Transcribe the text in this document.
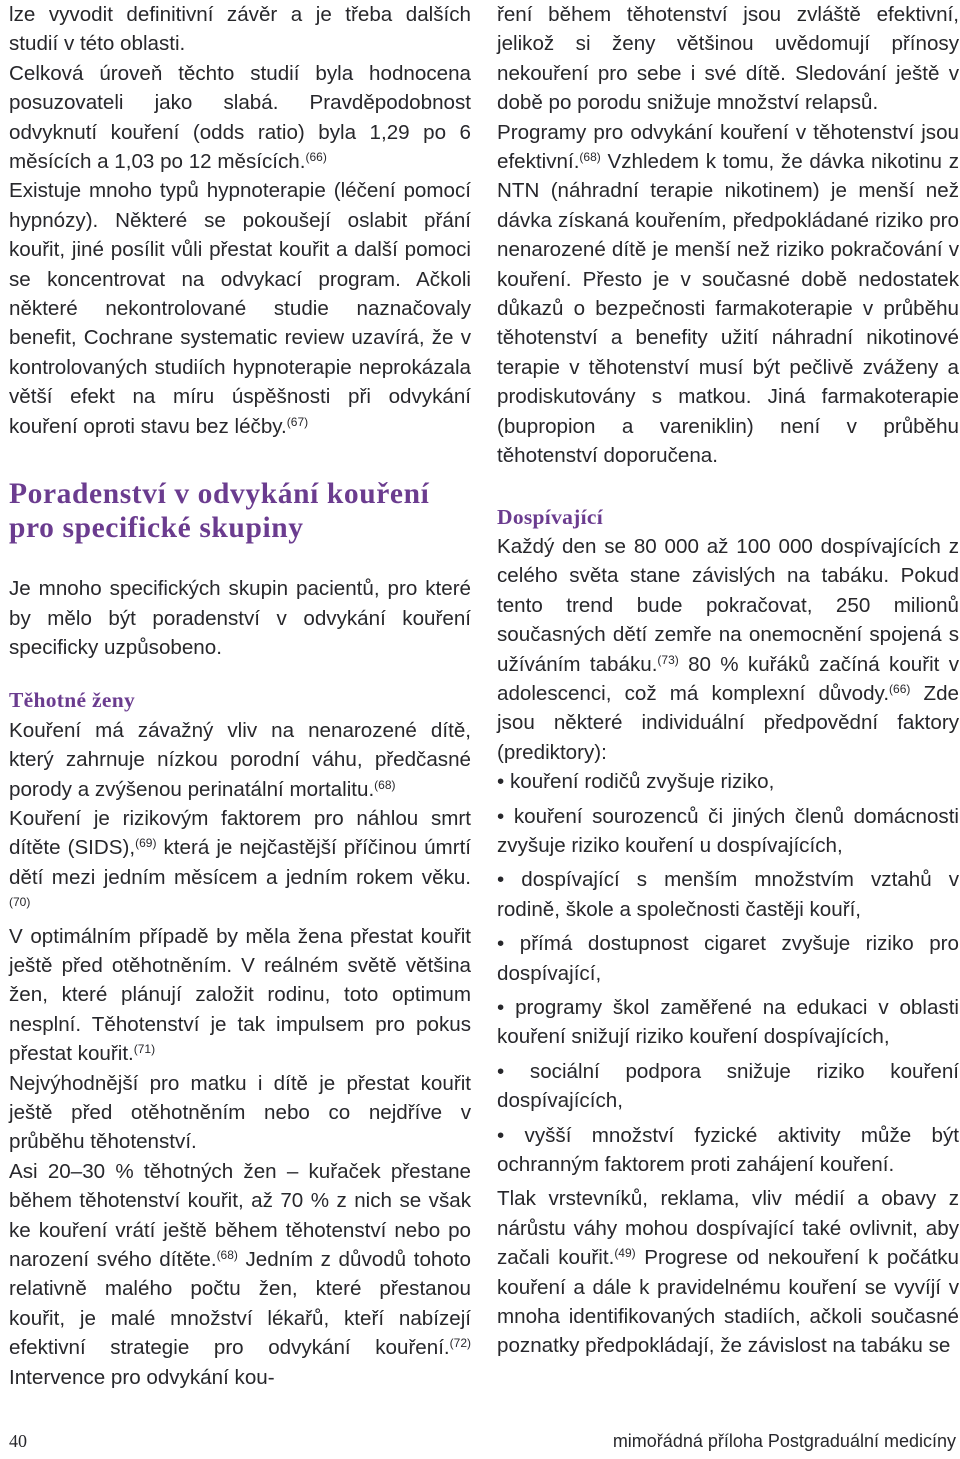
lze vyvodit definitivní závěr a je třeba dalších studií v této oblasti.

Celková úroveň těchto studií byla hodnocena posuzovateli jako slabá. Pravděpodobnost odvyknutí kouření (odds ratio) byla 1,29 po 6 měsících a 1,03 po 12 měsících.$^{(66)}$

Existuje mnoho typů hypnoterapie (léčení pomocí hypnózy). Některé se pokoušejí oslabit přání kouřit, jiné posílit vůli přestat kouřit a další pomoci se koncentrovat na odvykací program. Ačkoli některé nekontrolované studie naznačovaly benefit, Cochrane systematic review uzavírá, že v kontrolovaných studiích hypnoterapie neprokázala větší efekt na míru úspěšnosti při odvykání kouření oproti stavu bez léčby.$^{(67)}$

Poradenství v odvykání kouření pro specifické skupiny

Je mnoho specifických skupin pacientů, pro které by mělo být poradenství v odvykání kouření specificky uzpůsobeno.

Těhotné ženy

Kouření má závažný vliv na nenarozené dítě, který zahrnuje nízkou porodní váhu, předčasné porody a zvýšenou perinatální mortalitu.$^{(68)}$

Kouření je rizikovým faktorem pro náhlou smrt dítěte (SIDS),$^{(69)}$ která je nejčastější příčinou úmrtí dětí mezi jedním měsícem a jedním rokem věku.$^{(70)}$

V optimálním případě by měla žena přestat kouřit ještě před otěhotněním. V reálném světě většina žen, které plánují založit rodinu, toto optimum nesplní. Těhotenství je tak impulsem pro pokus přestat kouřit.$^{(71)}$

Nejvýhodnější pro matku i dítě je přestat kouřit ještě před otěhotněním nebo co nejdříve v průběhu těhotenství.

Asi 20–30 % těhotných žen – kuřaček přestane během těhotenství kouřit, až 70 % z nich se však ke kouření vrátí ještě během těhotenství nebo po narození svého dítěte.$^{(68)}$ Jedním z důvodů tohoto relativně malého počtu žen, které přestanou kouřit, je malé množství lékařů, kteří nabízejí efektivní strategie pro odvykání kouření.$^{(72)}$ Intervence pro odvykání kou-

ření během těhotenství jsou zvláště efektivní, jelikož si ženy většinou uvědomují přínosy nekouření pro sebe i své dítě. Sledování ještě v době po porodu snižuje množství relapsů.

Programy pro odvykání kouření v těhotenství jsou efektivní.$^{(68)}$ Vzhledem k tomu, že dávka nikotinu z NTN (náhradní terapie nikotinem) je menší než dávka získaná kouřením, předpokládané riziko pro nenarozené dítě je menší než riziko pokračování v kouření. Přesto je v současné době nedostatek důkazů o bezpečnosti farmakoterapie v průběhu těhotenství a benefity užití náhradní nikotinové terapie v těhotenství musí být pečlivě zváženy a prodiskutovány s matkou. Jiná farmakoterapie (bupropion a vareniklin) není v průběhu těhotenství doporučena.

Dospívající

Každý den se 80 000 až 100 000 dospívajících z celého světa stane závislých na tabáku. Pokud tento trend bude pokračovat, 250 milionů současných dětí zemře na onemocnění spojená s užíváním tabáku.$^{(73)}$ 80 % kuřáků začíná kouřit v adolescenci, což má komplexní důvody.$^{(66)}$ Zde jsou některé individuální předpovědní faktory (prediktory):

• kouření rodičů zvyšuje riziko,
• kouření sourozenců či jiných členů domácnosti zvyšuje riziko kouření u dospívajících,
• dospívající s menším množstvím vztahů v rodině, škole a společnosti častěji kouří,
• přímá dostupnost cigaret zvyšuje riziko pro dospívající,
• programy škol zaměřené na edukaci v oblasti kouření snižují riziko kouření dospívajících,
• sociální podpora snižuje riziko kouření dospívajících,
• vyšší množství fyzické aktivity může být ochranným faktorem proti zahájení kouření.

Tlak vrstevníků, reklama, vliv médií a obavy z nárůstu váhy mohou dospívající také ovlivnit, aby začali kouřit.$^{(49)}$ Progrese od nekouření k počátku kouření a dále k pravidelnému kouření se vyvíjí v mnoha identifikovaných stadiích, ačkoli současné poznatky předpokládají, že závislost na tabáku se

40	mimořádná příloha Postgraduální medicíny
